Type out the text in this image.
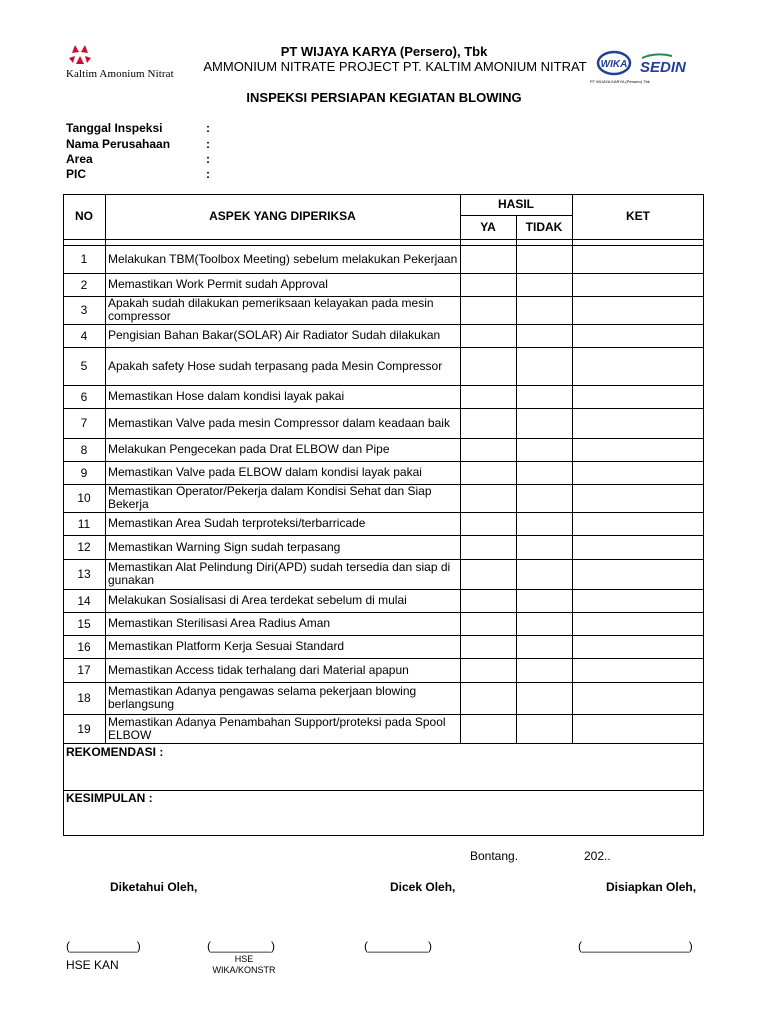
Kaltim Amonium Nitrat
PT WIJAYA KARYA (Persero), Tbk
AMMONIUM NITRATE PROJECT PT. KALTIM AMONIUM NITRAT
INSPEKSI PERSIAPAN KEGIATAN BLOWING
WIKA SEDIN
PT WIJAYA KARYA (Persero) Tbk
Tanggal Inspeksi	:
Nama Perusahaan	:
Area	:
PIC	:
NO	ASPEK YANG DIPERIKSA
HASIL
YA	TIDAK
KET
1	Melakukan TBM(Toolbox Meeting) sebelum melakukan Pekerjaan
2	Memastikan Work Permit sudah Approval
3	Apakah sudah dilakukan pemeriksaan kelayakan pada mesin compressor
4	Pengisian Bahan Bakar(SOLAR) Air Radiator Sudah dilakukan
5	Apakah safety Hose sudah terpasang pada Mesin Compressor
6	Memastikan Hose dalam kondisi layak pakai
7	Memastikan Valve pada mesin Compressor dalam keadaan baik
8	Melakukan Pengecekan pada Drat ELBOW dan Pipe
9	Memastikan Valve pada ELBOW dalam kondisi layak pakai
10	Memastikan Operator/Pekerja dalam Kondisi Sehat dan Siap Bekerja
11	Memastikan Area Sudah terproteksi/terbarricade
12	Memastikan Warning Sign sudah terpasang
13	Memastikan Alat Pelindung Diri(APD) sudah tersedia dan siap di gunakan
14	Melakukan Sosialisasi di Area terdekat sebelum di mulai
15	Memastikan Sterilisasi Area Radius Aman
16	Memastikan Platform Kerja Sesuai Standard
17	Memastikan Access tidak terhalang dari Material apapun
18	Memastikan Adanya pengawas selama pekerjaan blowing berlangsung
19	Memastikan Adanya Penambahan Support/proteksi pada Spool ELBOW
REKOMENDASI :
KESIMPULAN :
Bontang.	202..
Diketahui Oleh,	Dicek Oleh,	Disiapkan Oleh,
(__________)	(_________)	(_________)	(________________)
HSE KAN	HSE
WIKA/KONSTR
